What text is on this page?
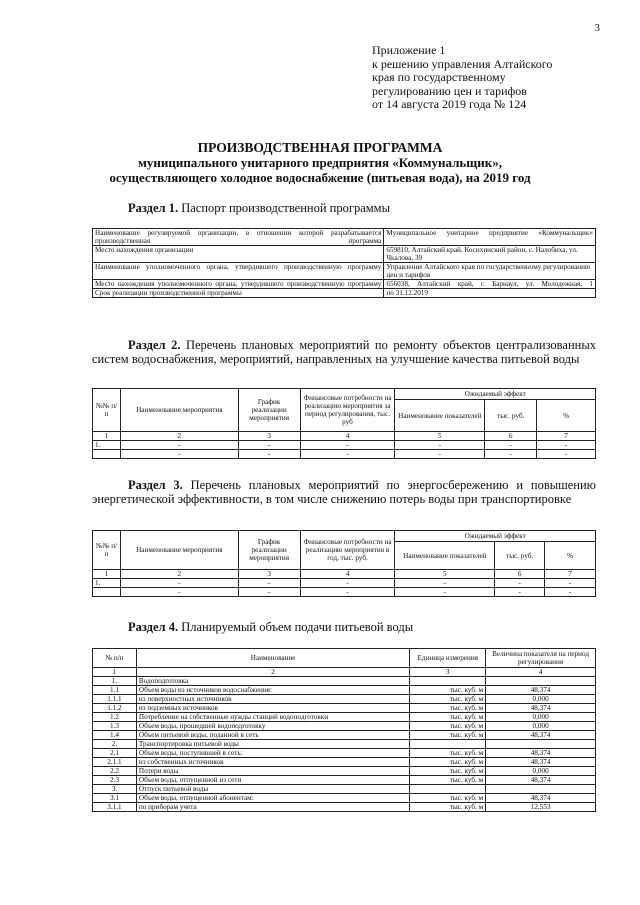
3
Приложение 1
к решению управления Алтайского
края по государственному
регулированию цен и тарифов
от 14 августа 2019 года № 124
ПРОИЗВОДСТВЕННАЯ ПРОГРАММА
муниципального унитарного предприятия «Коммунальщик»,
осуществляющего холодное водоснабжение (питьевая вода), на 2019 год
Раздел 1. Паспорт производственной программы
Наименование регулируемой организации, в отношении которой разрабатывается производственная программа	Муниципальное унитарное предприятие «Коммунальщик»
Место нахождения организации	659810, Алтайский край, Косихинский район, с. Налобиха, ул. Чкалова, 39
Наименование уполномоченного органа, утвердившего производственную программу	Управление Алтайского края по государственному регулированию цен и тарифов
Место нахождения уполномоченного органа, утвердившего производственную программу	656038, Алтайский край, г. Барнаул, ул. Молодежная, 1
Срок реализации производственной программы	по 31.12.2019
Раздел 2. Перечень плановых мероприятий по ремонту объектов централизованных систем водоснабжения, мероприятий, направленных на улучшение качества питьевой воды
№№ п/п	Наименование мероприятия	График реализации мероприятия	Финансовые потребности на реализацию мероприятия за период регулирования, тыс. руб	Ожидаемый эффект		
				Наименование показателей	тыс. руб.	%
1	2	3	4	5	6	7
1.	-	-	-	-	-	-
	-	-	-	-	-	-
Раздел 3. Перечень плановых мероприятий по энергосбережению и повышению энергетической эффективности, в том числе снижению потерь воды при транспортировке
№№ п/п	Наименование мероприятия	График реализации мероприятия	Финансовые потребности на реализацию мероприятия в год, тыс. руб.	Ожидаемый эффект		
				Наименование показателей	тыс. руб.	%
1	2	3	4	5	6	7
1.	-	-	-	-	-	-
	-	-	-	-	-	-
Раздел 4. Планируемый объем подачи питьевой воды
№ п/п	Наименование	Единица измерения	Величина показателя на период регулирования
1	2	3	4
1.	Водоподготовка		
1.1	Объем воды из источников водоснабжения:	тыс. куб. м	48,374
1.1.1	из поверхностных источников	тыс. куб. м	0,000
1.1.2	из подземных источников	тыс. куб. м	48,374
1.2	Потребление на собственные нужды станций водоподготовки	тыс. куб. м	0,000
1.3	Объем воды, прошедшей водоподготовку	тыс. куб. м	0,000
1.4	Объем питьевой воды, поданной в сеть	тыс. куб. м	48,374
2.	Транспортировка питьевой воды		
2.1	Объем воды, поступившей в сеть:	тыс. куб. м	48,374
2.1.1	из собственных источников	тыс. куб. м	48,374
2.2	Потери воды	тыс. куб. м	0,000
2.3	Объем воды, отпущенной из сети	тыс. куб. м	48,374
3.	Отпуск питьевой воды		
3.1	Объем воды, отпущенной абонентам:	тыс. куб. м	48,374
3.1.1	по приборам учета	тыс. куб. м	12,553
